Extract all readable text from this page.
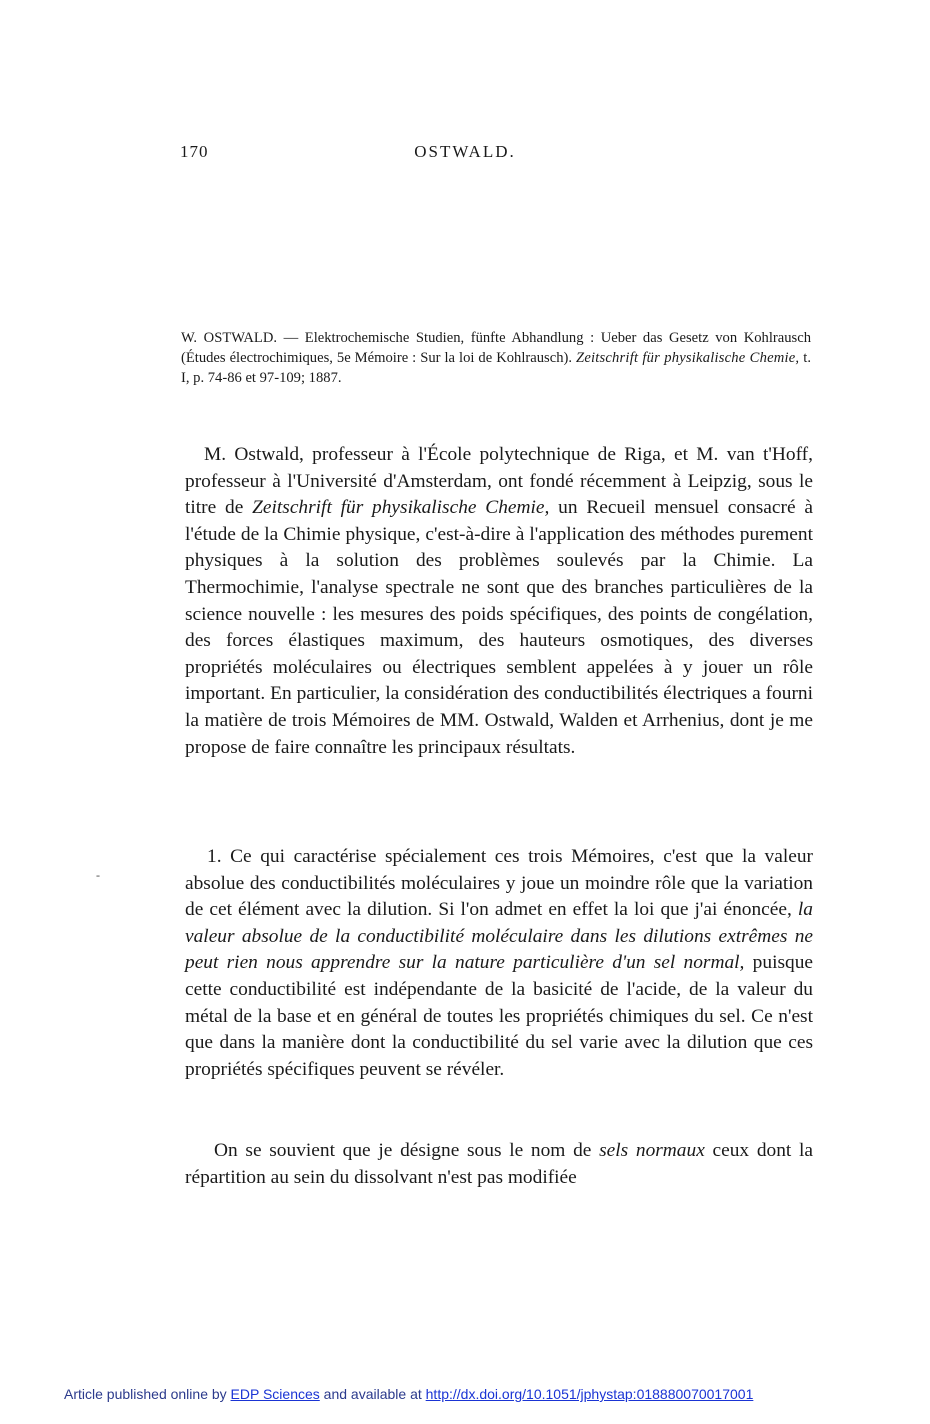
170	OSTWALD.
W. OSTWALD. — Elektrochemische Studien, fünfte Abhandlung : Ueber das Gesetz von Kohlrausch (Études électrochimiques, 5e Mémoire : Sur la loi de Kohlrausch). Zeitschrift für physikalische Chemie, t. I, p. 74-86 et 97-109; 1887.
M. Ostwald, professeur à l'École polytechnique de Riga, et M. van t'Hoff, professeur à l'Université d'Amsterdam, ont fondé récemment à Leipzig, sous le titre de Zeitschrift für physikalische Chemie, un Recueil mensuel consacré à l'étude de la Chimie physique, c'est-à-dire à l'application des méthodes purement physiques à la solution des problèmes soulevés par la Chimie. La Thermochimie, l'analyse spectrale ne sont que des branches particulières de la science nouvelle : les mesures des poids spécifiques, des points de congélation, des forces élastiques maximum, des hauteurs osmotiques, des diverses propriétés moléculaires ou électriques semblent appelées à y jouer un rôle important. En particulier, la considération des conductibilités électriques a fourni la matière de trois Mémoires de MM. Ostwald, Walden et Arrhenius, dont je me propose de faire connaître les principaux résultats.
-
1. Ce qui caractérise spécialement ces trois Mémoires, c'est que la valeur absolue des conductibilités moléculaires y joue un moindre rôle que la variation de cet élément avec la dilution. Si l'on admet en effet la loi que j'ai énoncée, la valeur absolue de la conductibilité moléculaire dans les dilutions extrêmes ne peut rien nous apprendre sur la nature particulière d'un sel normal, puisque cette conductibilité est indépendante de la basicité de l'acide, de la valeur du métal de la base et en général de toutes les propriétés chimiques du sel. Ce n'est que dans la manière dont la conductibilité du sel varie avec la dilution que ces propriétés spécifiques peuvent se révéler.
On se souvient que je désigne sous le nom de sels normaux ceux dont la répartition au sein du dissolvant n'est pas modifiée
Article published online by EDP Sciences and available at http://dx.doi.org/10.1051/jphystap:018880070017001
